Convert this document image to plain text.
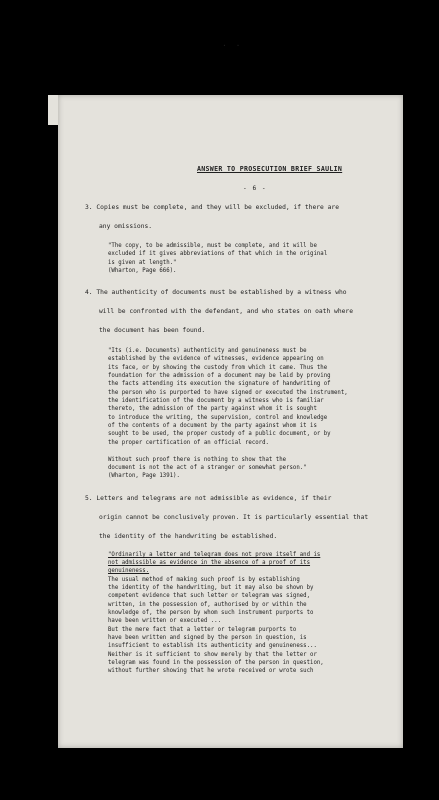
· ·
ANSWER TO PROSECUTION BRIEF SAULIN
- 6 -
3. Copies must be complete, and they will be excluded, if there are
any omissions.
"The copy, to be admissible, must be complete, and it will be
excluded if it gives abbreviations of that which in the original
is given at length."
(Wharton, Page 666).
4. The authenticity of documents must be established by a witness who
will be confronted with the defendant, and who states on oath where
the document has been found.
"Its (i.e. Documents) authenticity and genuineness must be
established by the evidence of witnesses, evidence appearing on
its face, or by showing the custody from which it came. Thus the
foundation for the admission of a document may be laid by proving
the facts attending its execution the signature of handwriting of
the person who is purported to have signed or executed the instrument,
the identification of the document by a witness who is familiar
thereto, the admission of the party against whom it is sought
to introduce the writing, the supervision, control and knowledge
of the contents of a document by the party against whom it is
sought to be used, the proper custody of a public document, or by
the proper certification of an official record.
Without such proof there is nothing to show that the
document is not the act of a stranger or somewhat person."
(Wharton, Page 1391).
5. Letters and telegrams are not admissible as evidence, if their
origin cannot be conclusively proven. It is particularly essential that
the identity of the handwriting be established.
"Ordinarily a letter and telegram does not prove itself and is
not admissible as evidence in the absence of a proof of its
genuineness.
The usual method of making such proof is by establishing
the identity of the handwriting, but it may also be shown by
competent evidence that such letter or telegram was signed,
written, in the possession of, authorised by or within the
knowledge of, the person by whom such instrument purports to
have been written or executed ...
But the mere fact that a letter or telegram purports to
have been written and signed by the person in question, is
insufficient to establish its authenticity and genuineness...
Neither is it sufficient to show merely by that the letter or
telegram was found in the possession of the person in question,
without further showing that he wrote received or wrote such
